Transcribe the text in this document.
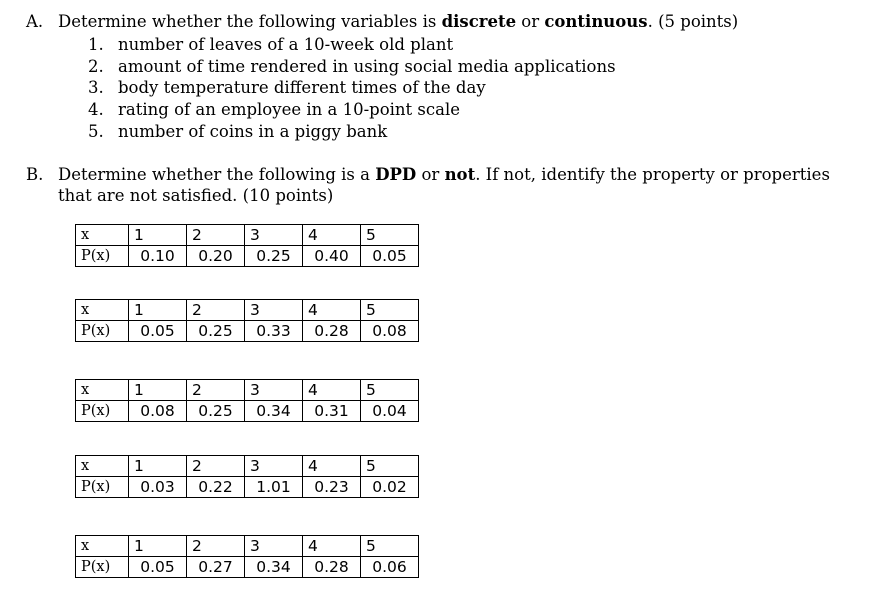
A. Determine whether the following variables is discrete or continuous. (5 points)
1. number of leaves of a 10-week old plant
2. amount of time rendered in using social media applications
3. body temperature different times of the day
4. rating of an employee in a 10-point scale
5. number of coins in a piggy bank
B. Determine whether the following is a DPD or not. If not, identify the property or properties
that are not satisfied. (10 points)
x	1	2	3	4	5
P(x)	0.10	0.20	0.25	0.40	0.05
x	1	2	3	4	5
P(x)	0.05	0.25	0.33	0.28	0.08
x	1	2	3	4	5
P(x)	0.08	0.25	0.34	0.31	0.04
x	1	2	3	4	5
P(x)	0.03	0.22	1.01	0.23	0.02
x	1	2	3	4	5
P(x)	0.05	0.27	0.34	0.28	0.06
